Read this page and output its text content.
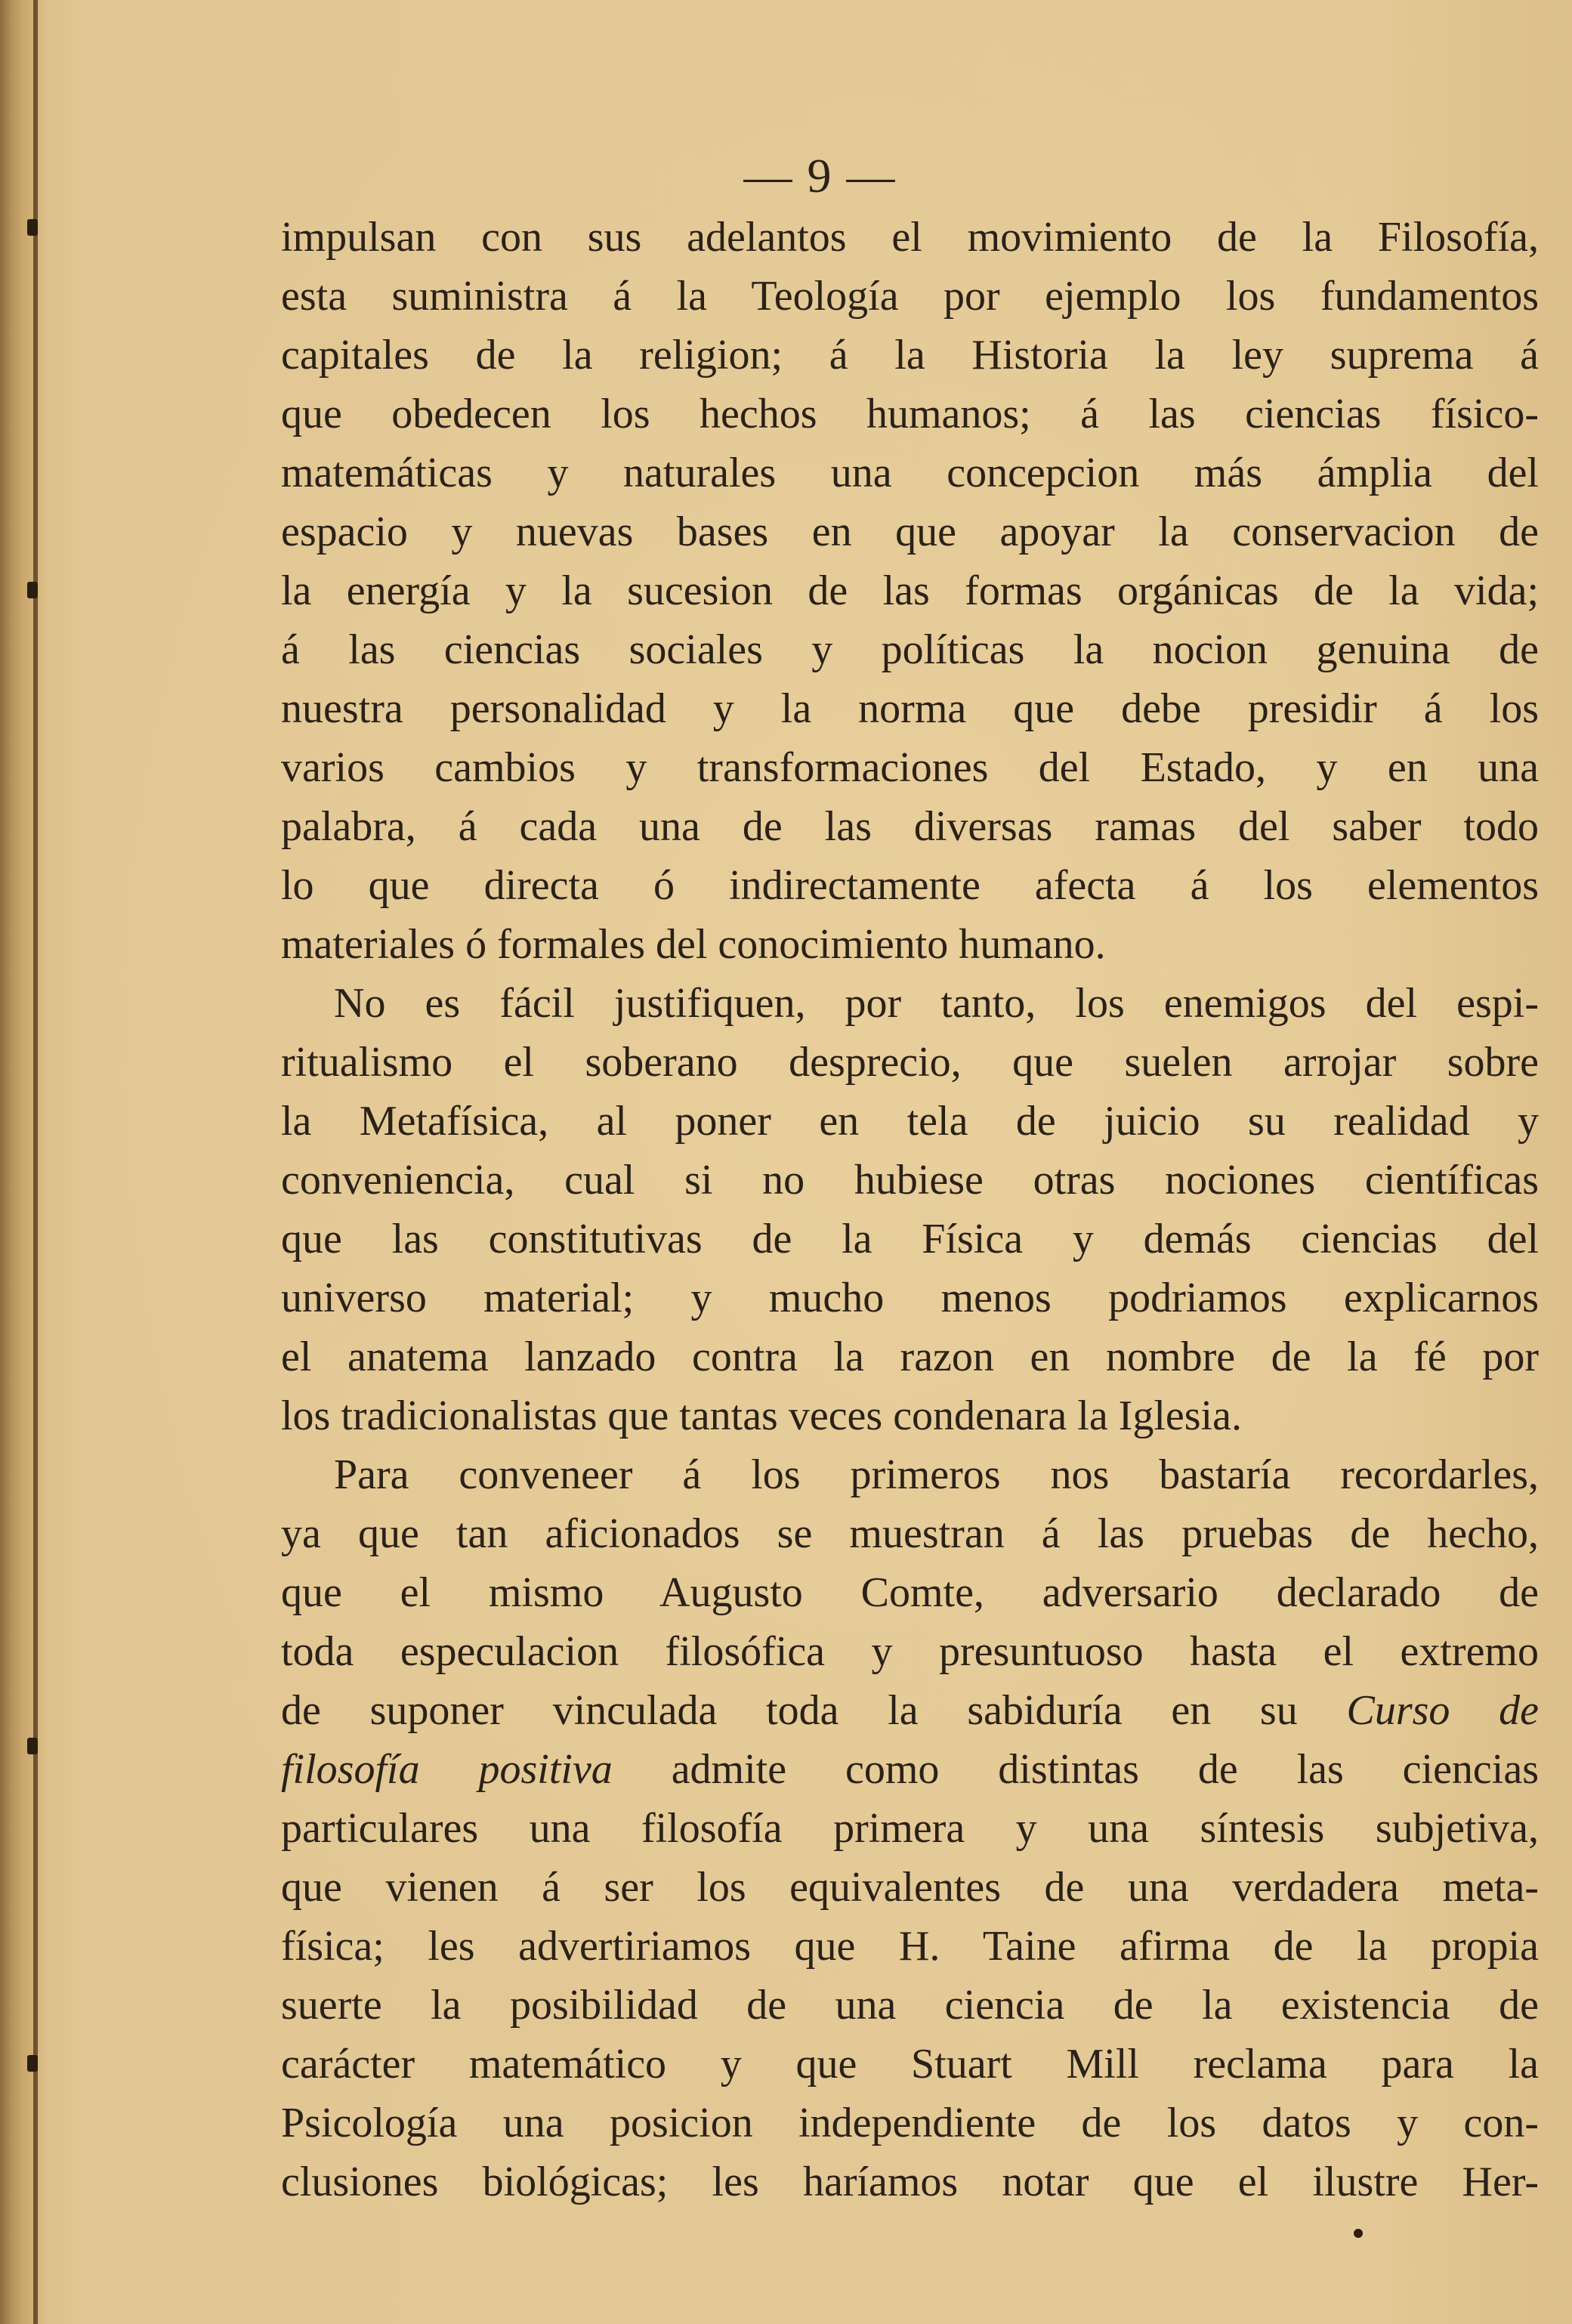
— 9 —
impulsan con sus adelantos el movimiento de la Filosofía,
esta suministra á la Teología por ejemplo los fundamentos
capitales de la religion; á la Historia la ley suprema á
que obedecen los hechos humanos; á las ciencias físico-
matemáticas y naturales una concepcion más ámplia del
espacio y nuevas bases en que apoyar la conservacion de
la energía y la sucesion de las formas orgánicas de la vida;
á las ciencias sociales y políticas la nocion genuina de
nuestra personalidad y la norma que debe presidir á los
varios cambios y transformaciones del Estado, y en una
palabra, á cada una de las diversas ramas del saber todo
lo que directa ó indirectamente afecta á los elementos
materiales ó formales del conocimiento humano.
No es fácil justifiquen, por tanto, los enemigos del espi-
ritualismo el soberano desprecio, que suelen arrojar sobre
la Metafísica, al poner en tela de juicio su realidad y
conveniencia, cual si no hubiese otras nociones científicas
que las constitutivas de la Física y demás ciencias del
universo material; y mucho menos podriamos explicarnos
el anatema lanzado contra la razon en nombre de la fé por
los tradicionalistas que tantas veces condenara la Iglesia.
Para conveneer á los primeros nos bastaría recordarles,
ya que tan aficionados se muestran á las pruebas de hecho,
que el mismo Augusto Comte, adversario declarado de
toda especulacion filosófica y presuntuoso hasta el extremo
de suponer vinculada toda la sabiduría en su Curso de
filosofía positiva admite como distintas de las ciencias
particulares una filosofía primera y una síntesis subjetiva,
que vienen á ser los equivalentes de una verdadera meta-
física; les advertiriamos que H. Taine afirma de la propia
suerte la posibilidad de una ciencia de la existencia de
carácter matemático y que Stuart Mill reclama para la
Psicología una posicion independiente de los datos y con-
clusiones biológicas; les haríamos notar que el ilustre Her-
